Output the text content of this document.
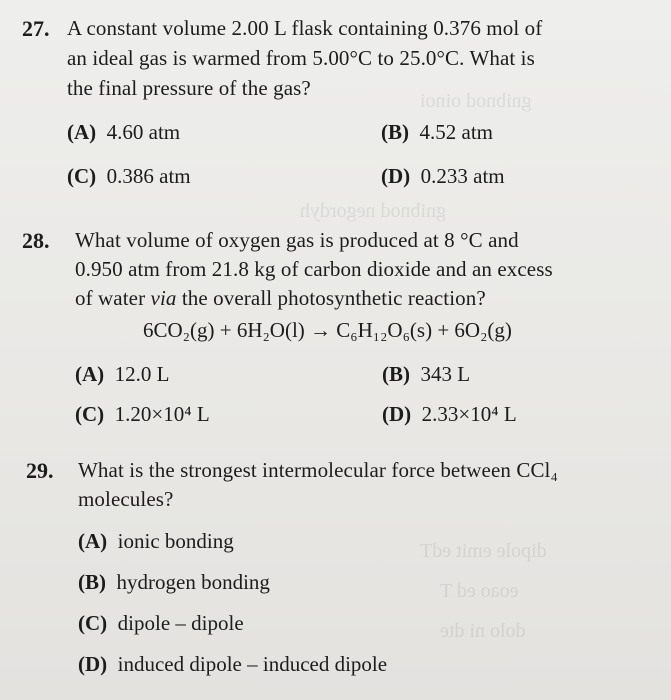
gnibnod oinoi
gnibnod negordyh
dipole emit edT
eoao ed T
dolo ni dte
27. A constant volume 2.00 L flask containing 0.376 mol of
an ideal gas is warmed from 5.00°C to 25.0°C. What is
the final pressure of the gas?
(A) 4.60 atm	(B) 4.52 atm
(C) 0.386 atm	(D) 0.233 atm
28. What volume of oxygen gas is produced at 8 °C and
0.950 atm from 21.8 kg of carbon dioxide and an excess
of water via the overall photosynthetic reaction?
6CO₂(g) + 6H₂O(l) → C₆H₁₂O₆(s) + 6O₂(g)
(A) 12.0 L	(B) 343 L
(C) 1.20×10⁴ L	(D) 2.33×10⁴ L
29. What is the strongest intermolecular force between CCl₄
molecules?
(A) ionic bonding
(B) hydrogen bonding
(C) dipole – dipole
(D) induced dipole – induced dipole
